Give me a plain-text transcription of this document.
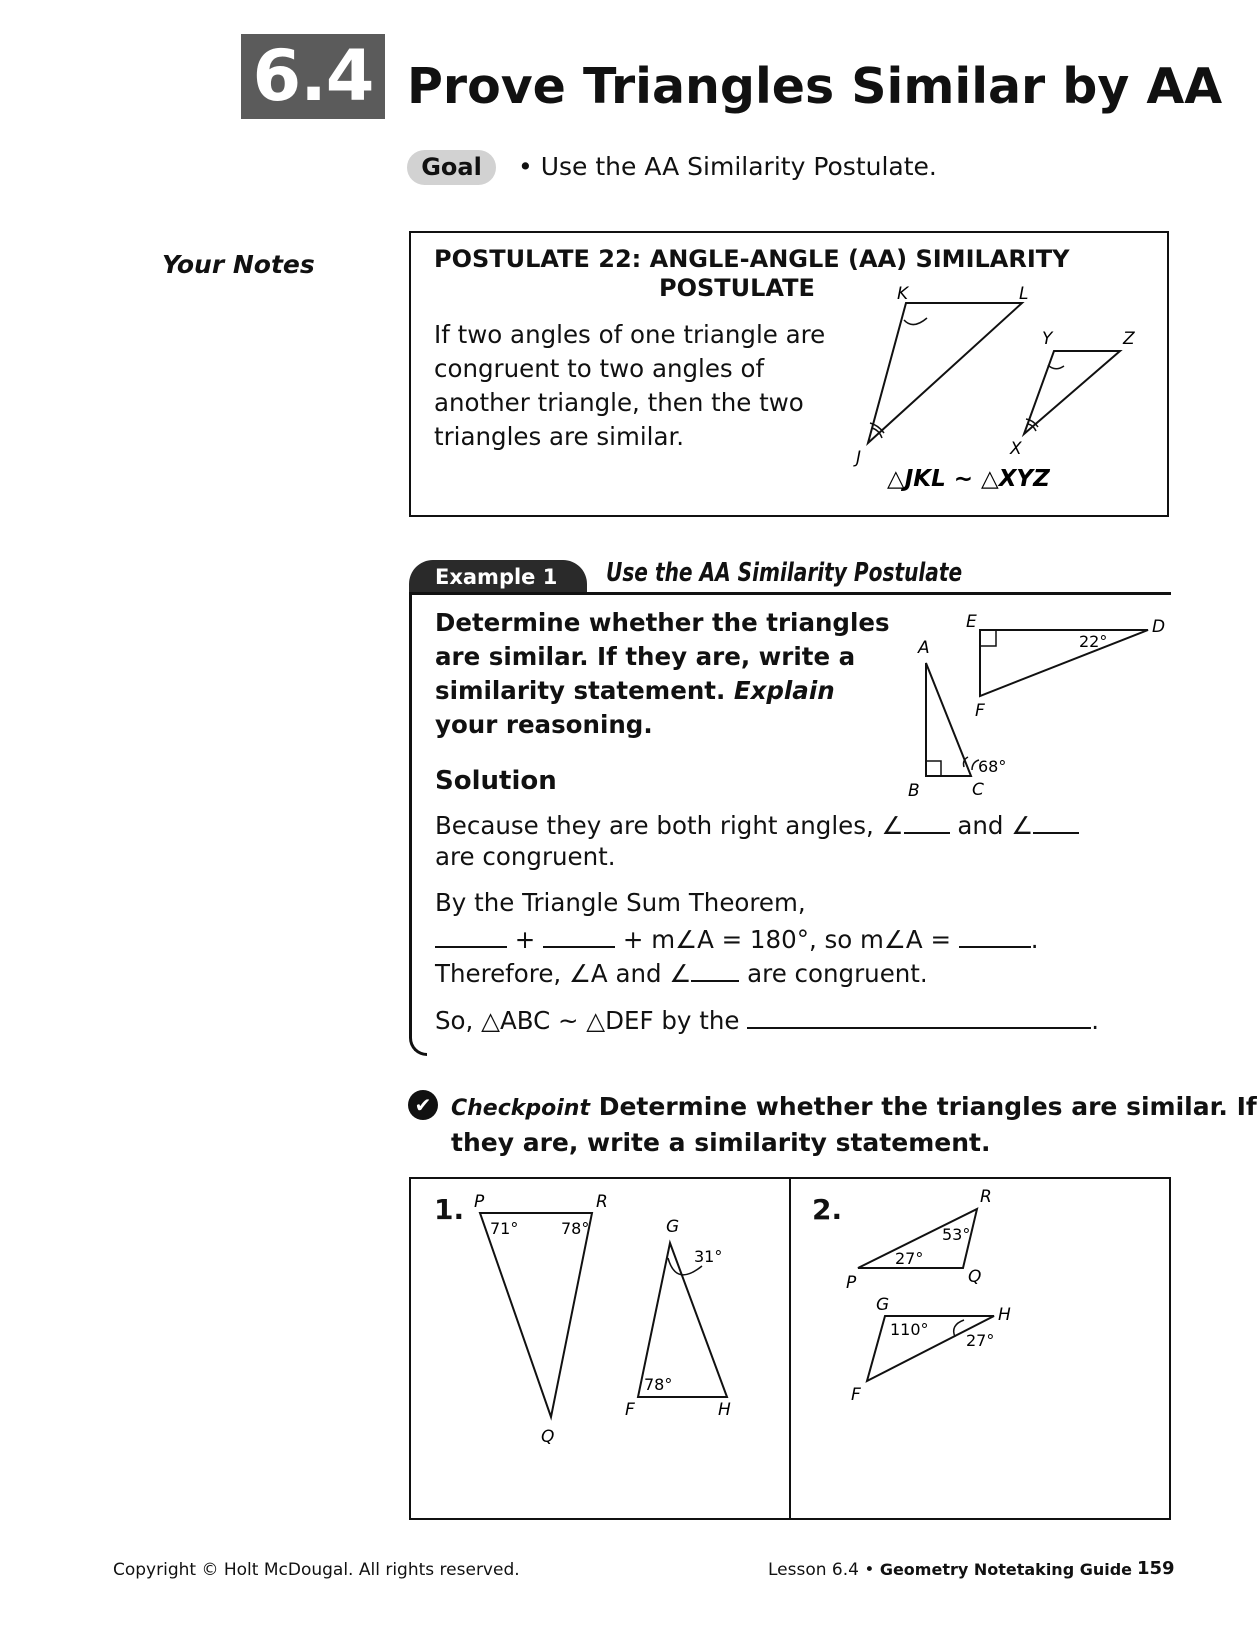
6.4 Prove Triangles Similar by AA
Goal	• Use the AA Similarity Postulate.
Your Notes	POSTULATE 22: ANGLE-ANGLE (AA) SIMILARITY
POSTULATE
If two angles of one triangle are congruent to two angles of another triangle, then the two triangles are similar.
K	L
J
Y	Z
X
△JKL ~ △XYZ
E	D
22°
F
A
68°
B	C
P	R
Q
71°	78°	G
31°
78°
F	H
R
53°
27°
P	Q
G	H
110°
27°
F
Example 1	Use the AA Similarity Postulate
Determine whether the triangles are similar. If they are, write a similarity statement. Explain your reasoning.
Solution
Because they are both right angles, ∠ and ∠
are congruent.
By the Triangle Sum Theorem,
+	+ m∠A = 180°, so m∠A =	.
Therefore, ∠A and ∠ are congruent.
So, △ABC ~ △DEF by the	.
✔ Checkpoint Determine whether the triangles are similar. If they are, write a similarity statement.
1.	2.
Copyright © Holt McDougal. All rights reserved.	Lesson 6.4 • Geometry Notetaking Guide 159
